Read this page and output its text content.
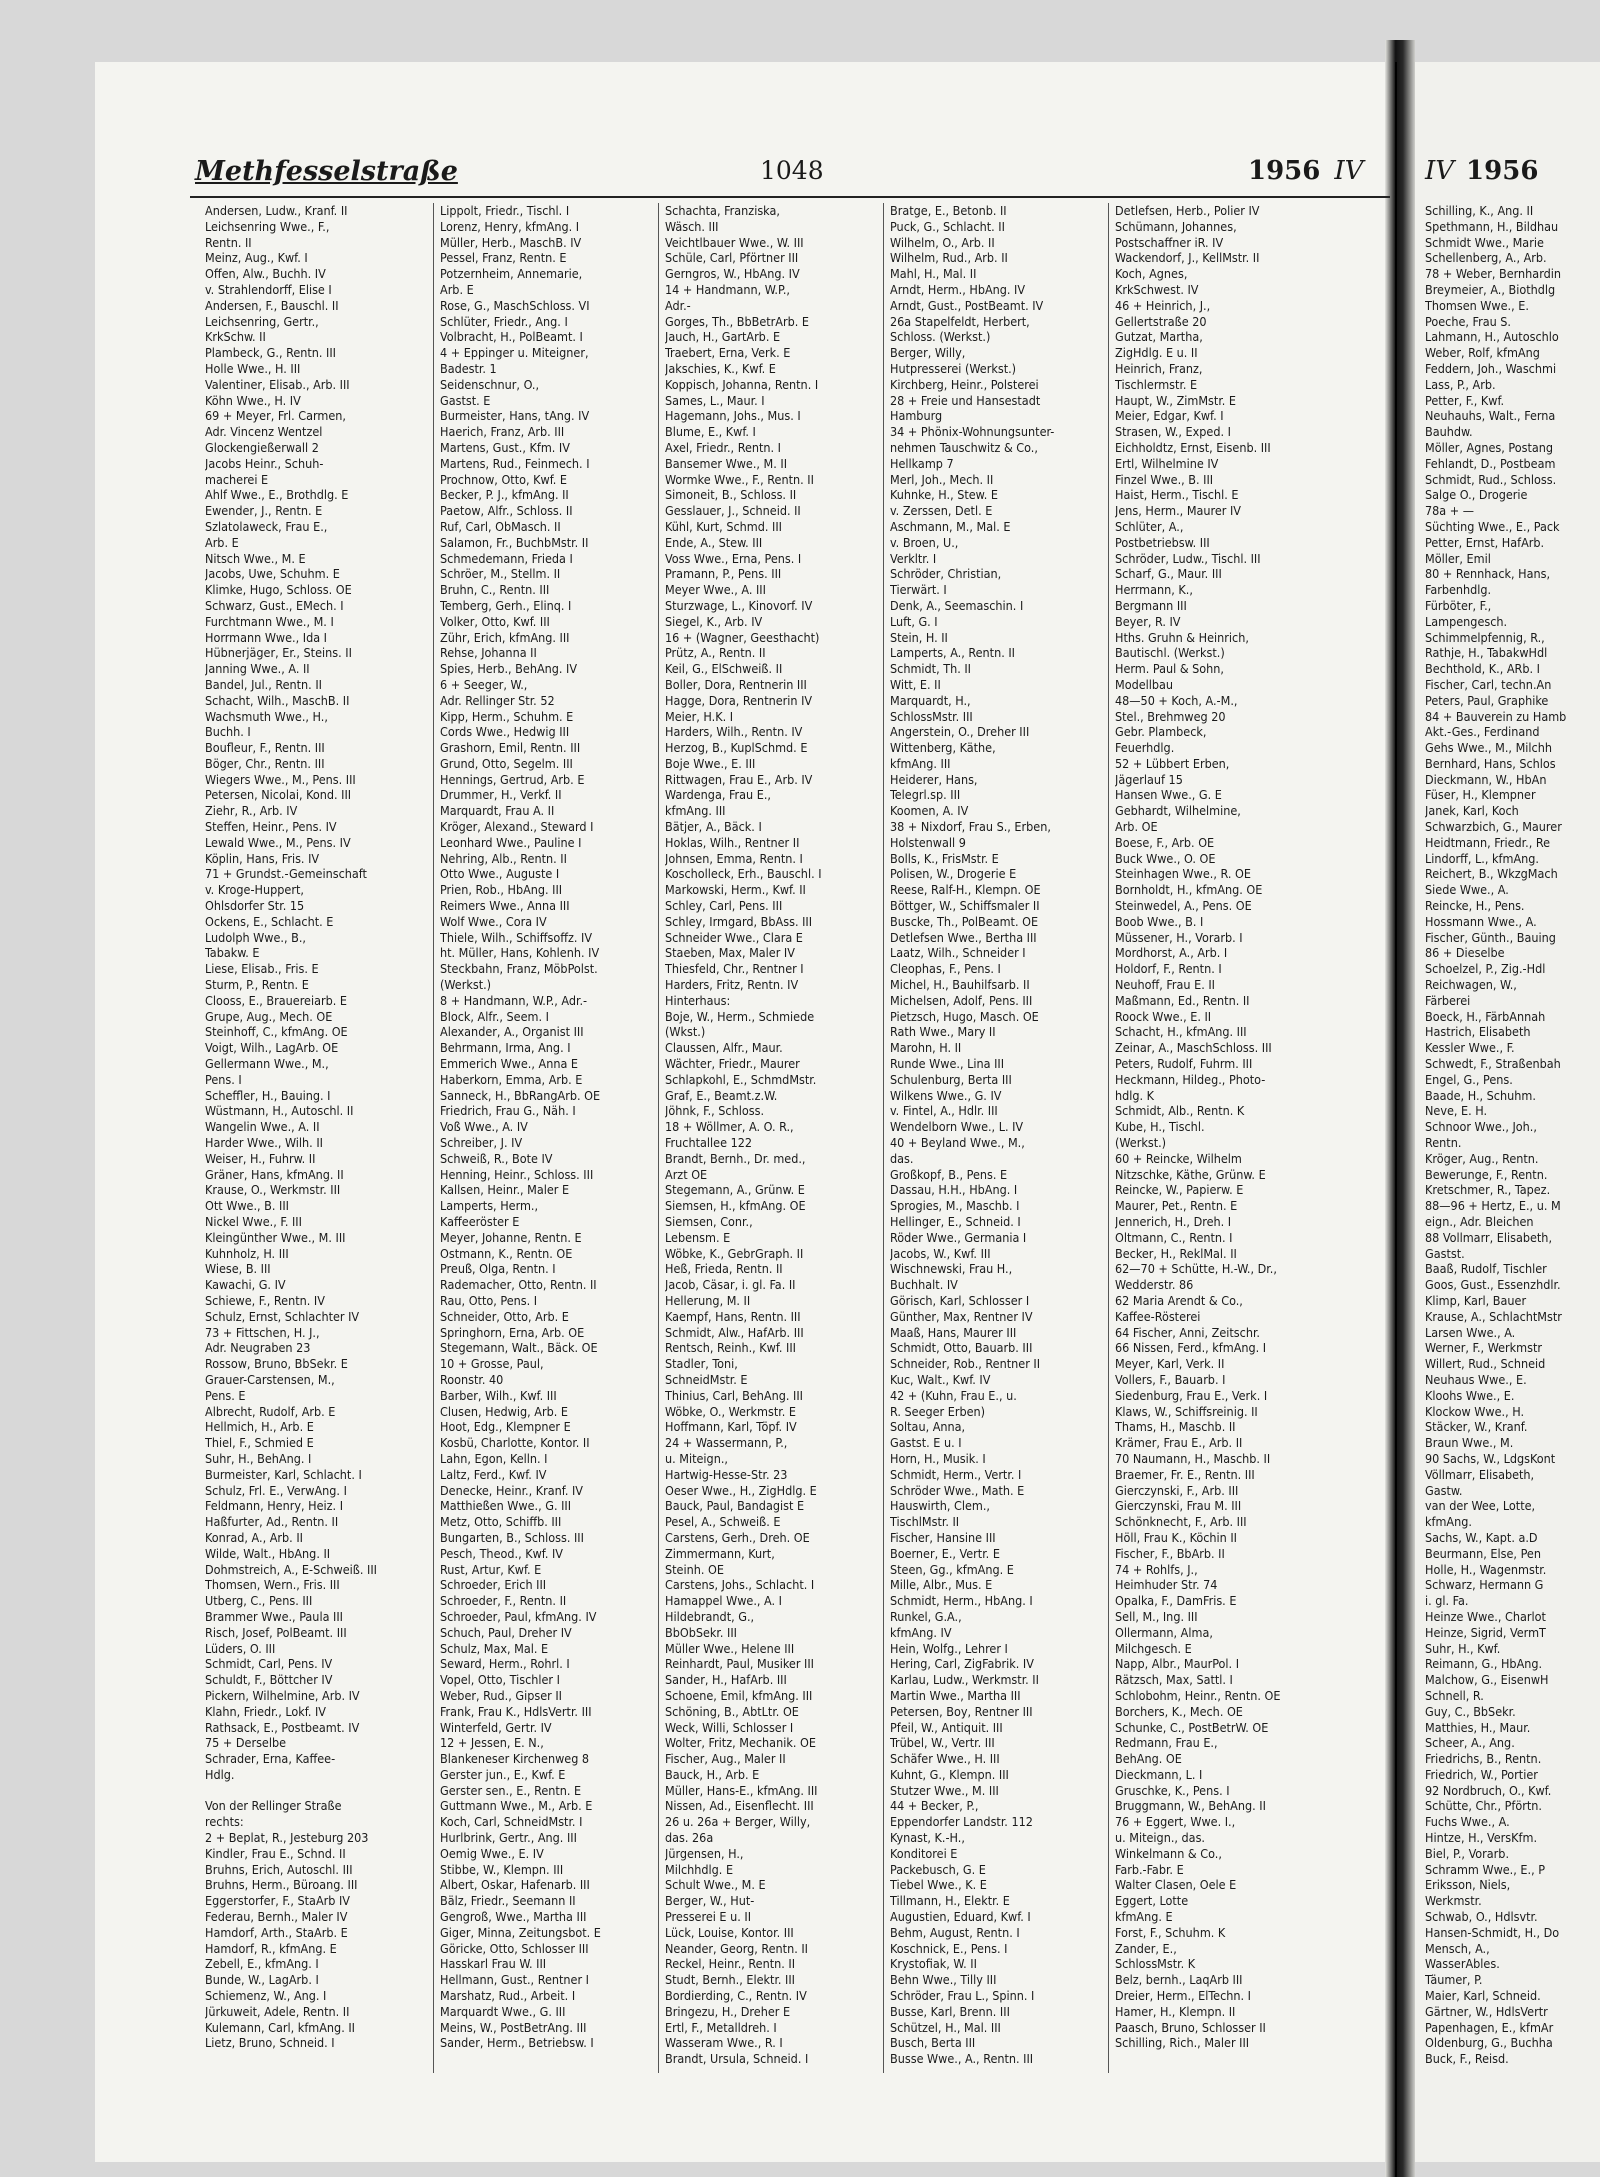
Methfesselstraße	1048	1956 IV IV 1956
Andersen, Ludw., Kranf. II
Leichsenring Wwe., F.,
Rentn. II
Meinz, Aug., Kwf. I
Offen, Alw., Buchh. IV
v. Strahlendorff, Elise I
Andersen, F., Bauschl. II
Leichsenring, Gertr.,
KrkSchw. II
Plambeck, G., Rentn. III
Holle Wwe., H. III
Valentiner, Elisab., Arb. III
Köhn Wwe., H. IV
69 + Meyer, Frl. Carmen,
Adr. Vincenz Wentzel
Glockengießerwall 2
Jacobs Heinr., Schuh-
macherei E
Ahlf Wwe., E., Brothdlg. E
Ewender, J., Rentn. E
Szlatolaweck, Frau E.,
Arb. E
Nitsch Wwe., M. E
Jacobs, Uwe, Schuhm. E
Klimke, Hugo, Schloss. OE
Schwarz, Gust., EMech. I
Furchtmann Wwe., M. I
Horrmann Wwe., Ida I
Hübnerjäger, Er., Steins. II
Janning Wwe., A. II
Bandel, Jul., Rentn. II
Schacht, Wilh., MaschB. II
Wachsmuth Wwe., H.,
Buchh. I
Boufleur, F., Rentn. III
Böger, Chr., Rentn. III
Wiegers Wwe., M., Pens. III
Petersen, Nicolai, Kond. III
Ziehr, R., Arb. IV
Steffen, Heinr., Pens. IV
Lewald Wwe., M., Pens. IV
Köplin, Hans, Fris. IV
71 + Grundst.-Gemeinschaft
v. Kroge-Huppert,
Ohlsdorfer Str. 15
Ockens, E., Schlacht. E
Ludolph Wwe., B.,
Tabakw. E
Liese, Elisab., Fris. E
Sturm, P., Rentn. E
Clooss, E., Brauereiarb. E
Grupe, Aug., Mech. OE
Steinhoff, C., kfmAng. OE
Voigt, Wilh., LagArb. OE
Gellermann Wwe., M.,
Pens. I
Scheffler, H., Bauing. I
Wüstmann, H., Autoschl. II
Wangelin Wwe., A. II
Harder Wwe., Wilh. II
Weiser, H., Fuhrw. II
Gräner, Hans, kfmAng. II
Krause, O., Werkmstr. III
Ott Wwe., B. III
Nickel Wwe., F. III
Kleingünther Wwe., M. III
Kuhnholz, H. III
Wiese, B. III
Kawachi, G. IV
Schiewe, F., Rentn. IV
Schulz, Ernst, Schlachter IV
73 + Fittschen, H. J.,
Adr. Neugraben 23
Rossow, Bruno, BbSekr. E
Grauer-Carstensen, M.,
Pens. E
Albrecht, Rudolf, Arb. E
Hellmich, H., Arb. E
Thiel, F., Schmied E
Suhr, H., BehAng. I
Burmeister, Karl, Schlacht. I
Schulz, Frl. E., VerwAng. I
Feldmann, Henry, Heiz. I
Haßfurter, Ad., Rentn. II
Konrad, A., Arb. II
Wilde, Walt., HbAng. II
Dohmstreich, A., E-Schweiß. III
Thomsen, Wern., Fris. III
Utberg, C., Pens. III
Brammer Wwe., Paula III
Risch, Josef, PolBeamt. III
Lüders, O. III
Schmidt, Carl, Pens. IV
Schuldt, F., Böttcher IV
Pickern, Wilhelmine, Arb. IV
Klahn, Friedr., Lokf. IV
Rathsack, E., Postbeamt. IV
75 + Derselbe
Schrader, Erna, Kaffee-
Hdlg.
Von der Rellinger Straße
rechts:
2 + Beplat, R., Jesteburg 203
Kindler, Frau E., Schnd. II
Bruhns, Erich, Autoschl. III
Bruhns, Herm., Büroang. III
Eggerstorfer, F., StaArb IV
Federau, Bernh., Maler IV
Hamdorf, Arth., StaArb. E
Hamdorf, R., kfmAng. E
Zebell, E., kfmAng. I
Bunde, W., LagArb. I
Schiemenz, W., Ang. I
Jürkuweit, Adele, Rentn. II
Kulemann, Carl, kfmAng. II
Lietz, Bruno, Schneid. I
Lippolt, Friedr., Tischl. I
Lorenz, Henry, kfmAng. I
Müller, Herb., MaschB. IV
Pessel, Franz, Rentn. E
Potzernheim, Annemarie,
Arb. E
Rose, G., MaschSchloss. VI
Schlüter, Friedr., Ang. I
Volbracht, H., PolBeamt. I
4 + Eppinger u. Miteigner,
Badestr. 1
Seidenschnur, O.,
Gastst. E
Burmeister, Hans, tAng. IV
Haerich, Franz, Arb. III
Martens, Gust., Kfm. IV
Martens, Rud., Feinmech. I
Prochnow, Otto, Kwf. E
Becker, P. J., kfmAng. II
Paetow, Alfr., Schloss. II
Ruf, Carl, ObMasch. II
Salamon, Fr., BuchbMstr. II
Schmedemann, Frieda I
Schröer, M., Stellm. II
Bruhn, C., Rentn. III
Temberg, Gerh., Elinq. I
Volker, Otto, Kwf. III
Zühr, Erich, kfmAng. III
Rehse, Johanna II
Spies, Herb., BehAng. IV
6 + Seeger, W.,
Adr. Rellinger Str. 52
Kipp, Herm., Schuhm. E
Cords Wwe., Hedwig III
Grashorn, Emil, Rentn. III
Grund, Otto, Segelm. III
Hennings, Gertrud, Arb. E
Drummer, H., Verkf. II
Marquardt, Frau A. II
Kröger, Alexand., Steward I
Leonhard Wwe., Pauline I
Nehring, Alb., Rentn. II
Otto Wwe., Auguste I
Prien, Rob., HbAng. III
Reimers Wwe., Anna III
Wolf Wwe., Cora IV
Thiele, Wilh., Schiffsoffz. IV
ht. Müller, Hans, Kohlenh. IV
Steckbahn, Franz, MöbPolst.
(Werkst.)
8 + Handmann, W.P., Adr.-
Block, Alfr., Seem. I
Alexander, A., Organist III
Behrmann, Irma, Ang. I
Emmerich Wwe., Anna E
Haberkorn, Emma, Arb. E
Sanneck, H., BbRangArb. OE
Friedrich, Frau G., Näh. I
Voß Wwe., A. IV
Schreiber, J. IV
Schweiß, R., Bote IV
Henning, Heinr., Schloss. III
Kallsen, Heinr., Maler E
Lamperts, Herm.,
Kaffeeröster E
Meyer, Johanne, Rentn. E
Ostmann, K., Rentn. OE
Preuß, Olga, Rentn. I
Rademacher, Otto, Rentn. II
Rau, Otto, Pens. I
Schneider, Otto, Arb. E
Springhorn, Erna, Arb. OE
Stegemann, Walt., Bäck. OE
10 + Grosse, Paul,
Roonstr. 40
Barber, Wilh., Kwf. III
Clusen, Hedwig, Arb. E
Hoot, Edg., Klempner E
Kosbü, Charlotte, Kontor. II
Lahn, Egon, Kelln. I
Laltz, Ferd., Kwf. IV
Denecke, Heinr., Kranf. IV
Matthießen Wwe., G. III
Metz, Otto, Schiffb. III
Bungarten, B., Schloss. III
Pesch, Theod., Kwf. IV
Rust, Artur, Kwf. E
Schroeder, Erich III
Schroeder, F., Rentn. II
Schroeder, Paul, kfmAng. IV
Schuch, Paul, Dreher IV
Schulz, Max, Mal. E
Seward, Herm., Rohrl. I
Vopel, Otto, Tischler I
Weber, Rud., Gipser II
Frank, Frau K., HdlsVertr. III
Winterfeld, Gertr. IV
12 + Jessen, E. N.,
Blankeneser Kirchenweg 8
Gerster jun., E., Kwf. E
Gerster sen., E., Rentn. E
Guttmann Wwe., M., Arb. E
Koch, Carl, SchneidMstr. I
Hurlbrink, Gertr., Ang. III
Oemig Wwe., E. IV
Stibbe, W., Klempn. III
Albert, Oskar, Hafenarb. III
Bälz, Friedr., Seemann II
Gengroß, Wwe., Martha III
Giger, Minna, Zeitungsbot. E
Göricke, Otto, Schlosser III
Hasskarl Frau W. III
Hellmann, Gust., Rentner I
Marshatz, Rud., Arbeit. I
Marquardt Wwe., G. III
Meins, W., PostBetrAng. III
Sander, Herm., Betriebsw. I
Schachta, Franziska,
Wäsch. III
Veichtlbauer Wwe., W. III
Schüle, Carl, Pförtner III
Gerngros, W., HbAng. IV
14 + Handmann, W.P.,
Adr.-
Gorges, Th., BbBetrArb. E
Jauch, H., GartArb. E
Traebert, Erna, Verk. E
Jakschies, K., Kwf. E
Koppisch, Johanna, Rentn. I
Sames, L., Maur. I
Hagemann, Johs., Mus. I
Blume, E., Kwf. I
Axel, Friedr., Rentn. I
Bansemer Wwe., M. II
Wormke Wwe., F., Rentn. II
Simoneit, B., Schloss. II
Gesslauer, J., Schneid. II
Kühl, Kurt, Schmd. III
Ende, A., Stew. III
Voss Wwe., Erna, Pens. I
Pramann, P., Pens. III
Meyer Wwe., A. III
Sturzwage, L., Kinovorf. IV
Siegel, K., Arb. IV
16 + (Wagner, Geesthacht)
Prütz, A., Rentn. II
Keil, G., ElSchweiß. II
Boller, Dora, Rentnerin III
Hagge, Dora, Rentnerin IV
Meier, H.K. I
Harders, Wilh., Rentn. IV
Herzog, B., KuplSchmd. E
Boje Wwe., E. III
Rittwagen, Frau E., Arb. IV
Wardenga, Frau E.,
kfmAng. III
Bätjer, A., Bäck. I
Hoklas, Wilh., Rentner II
Johnsen, Emma, Rentn. I
Koscholleck, Erh., Bauschl. I
Markowski, Herm., Kwf. II
Schley, Carl, Pens. III
Schley, Irmgard, BbAss. III
Schneider Wwe., Clara E
Staeben, Max, Maler IV
Thiesfeld, Chr., Rentner I
Harders, Fritz, Rentn. IV
Hinterhaus:
Boje, W., Herm., Schmiede
(Wkst.)
Claussen, Alfr., Maur.
Wächter, Friedr., Maurer
Schlapkohl, E., SchmdMstr.
Graf, E., Beamt.z.W.
Jöhnk, F., Schloss.
18 + Wöllmer, A. O. R.,
Fruchtallee 122
Brandt, Bernh., Dr. med.,
Arzt OE
Stegemann, A., Grünw. E
Siemsen, H., kfmAng. OE
Siemsen, Conr.,
Lebensm. E
Wöbke, K., GebrGraph. II
Heß, Frieda, Rentn. II
Jacob, Cäsar, i. gl. Fa. II
Hellerung, M. II
Kaempf, Hans, Rentn. III
Schmidt, Alw., HafArb. III
Rentsch, Reinh., Kwf. III
Stadler, Toni,
SchneidMstr. E
Thinius, Carl, BehAng. III
Wöbke, O., Werkmstr. E
Hoffmann, Karl, Töpf. IV
24 + Wassermann, P.,
u. Miteign.,
Hartwig-Hesse-Str. 23
Oeser Wwe., H., ZigHdlg. E
Bauck, Paul, Bandagist E
Pesel, A., Schweiß. E
Carstens, Gerh., Dreh. OE
Zimmermann, Kurt,
Steinh. OE
Carstens, Johs., Schlacht. I
Hamappel Wwe., A. I
Hildebrandt, G.,
BbObSekr. III
Müller Wwe., Helene III
Reinhardt, Paul, Musiker III
Sander, H., HafArb. III
Schoene, Emil, kfmAng. III
Schöning, B., AbtLtr. OE
Weck, Willi, Schlosser I
Wolter, Fritz, Mechanik. OE
Fischer, Aug., Maler II
Bauck, H., Arb. E
Müller, Hans-E., kfmAng. III
Nissen, Ad., Eisenflecht. III
26 u. 26a + Berger, Willy,
das. 26a
Jürgensen, H.,
Milchhdlg. E
Schult Wwe., M. E
Berger, W., Hut-
Presserei E u. II
Lück, Louise, Kontor. III
Neander, Georg, Rentn. II
Reckel, Heinr., Rentn. II
Studt, Bernh., Elektr. III
Bordierding, C., Rentn. IV
Bringezu, H., Dreher E
Ertl, F., Metalldreh. I
Wasseram Wwe., R. I
Brandt, Ursula, Schneid. I
Bratge, E., Betonb. II
Puck, G., Schlacht. II
Wilhelm, O., Arb. II
Wilhelm, Rud., Arb. II
Mahl, H., Mal. II
Arndt, Herm., HbAng. IV
Arndt, Gust., PostBeamt. IV
26a Stapelfeldt, Herbert,
Schloss. (Werkst.)
Berger, Willy,
Hutpresserei (Werkst.)
Kirchberg, Heinr., Polsterei
28 + Freie und Hansestadt
Hamburg
34 + Phönix-Wohnungsunter-
nehmen Tauschwitz & Co.,
Hellkamp 7
Merl, Joh., Mech. II
Kuhnke, H., Stew. E
v. Zerssen, Detl. E
Aschmann, M., Mal. E
v. Broen, U.,
Verkltr. I
Schröder, Christian,
Tierwärt. I
Denk, A., Seemaschin. I
Luft, G. I
Stein, H. II
Lamperts, A., Rentn. II
Schmidt, Th. II
Witt, E. II
Marquardt, H.,
SchlossMstr. III
Angerstein, O., Dreher III
Wittenberg, Käthe,
kfmAng. III
Heiderer, Hans,
Telegrl.sp. III
Koomen, A. IV
38 + Nixdorf, Frau S., Erben,
Holstenwall 9
Bolls, K., FrisMstr. E
Polisen, W., Drogerie E
Reese, Ralf-H., Klempn. OE
Böttger, W., Schiffsmaler II
Buscke, Th., PolBeamt. OE
Detlefsen Wwe., Bertha III
Laatz, Wilh., Schneider I
Cleophas, F., Pens. I
Michel, H., Bauhilfsarb. II
Michelsen, Adolf, Pens. III
Pietzsch, Hugo, Masch. OE
Rath Wwe., Mary II
Marohn, H. II
Runde Wwe., Lina III
Schulenburg, Berta III
Wilkens Wwe., G. IV
v. Fintel, A., Hdlr. III
Wendelborn Wwe., L. IV
40 + Beyland Wwe., M.,
das.
Großkopf, B., Pens. E
Dassau, H.H., HbAng. I
Sprogies, M., Maschb. I
Hellinger, E., Schneid. I
Röder Wwe., Germania I
Jacobs, W., Kwf. III
Wischnewski, Frau H.,
Buchhalt. IV
Görisch, Karl, Schlosser I
Günther, Max, Rentner IV
Maaß, Hans, Maurer III
Schmidt, Otto, Bauarb. III
Schneider, Rob., Rentner II
Kuc, Walt., Kwf. IV
42 + (Kuhn, Frau E., u.
R. Seeger Erben)
Soltau, Anna,
Gastst. E u. I
Horn, H., Musik. I
Schmidt, Herm., Vertr. I
Schröder Wwe., Math. E
Hauswirth, Clem.,
TischlMstr. II
Fischer, Hansine III
Boerner, E., Vertr. E
Steen, Gg., kfmAng. E
Mille, Albr., Mus. E
Schmidt, Herm., HbAng. I
Runkel, G.A.,
kfmAng. IV
Hein, Wolfg., Lehrer I
Hering, Carl, ZigFabrik. IV
Karlau, Ludw., Werkmstr. II
Martin Wwe., Martha III
Petersen, Boy, Rentner III
Pfeil, W., Antiquit. III
Trübel, W., Vertr. III
Schäfer Wwe., H. III
Kuhnt, G., Klempn. III
Stutzer Wwe., M. III
44 + Becker, P.,
Eppendorfer Landstr. 112
Kynast, K.-H.,
Konditorei E
Packebusch, G. E
Tiebel Wwe., K. E
Tillmann, H., Elektr. E
Augustien, Eduard, Kwf. I
Behm, August, Rentn. I
Koschnick, E., Pens. I
Krystofiak, W. II
Behn Wwe., Tilly III
Schröder, Frau L., Spinn. I
Busse, Karl, Brenn. III
Schützel, H., Mal. III
Busch, Berta III
Busse Wwe., A., Rentn. III
Detlefsen, Herb., Polier IV
Schümann, Johannes,
Postschaffner iR. IV
Wackendorf, J., KellMstr. II
Koch, Agnes,
KrkSchwest. IV
46 + Heinrich, J.,
Gellertstraße 20
Gutzat, Martha,
ZigHdlg. E u. II
Heinrich, Franz,
Tischlermstr. E
Haupt, W., ZimMstr. E
Meier, Edgar, Kwf. I
Strasen, W., Exped. I
Eichholdtz, Ernst, Eisenb. III
Ertl, Wilhelmine IV
Finzel Wwe., B. III
Haist, Herm., Tischl. E
Jens, Herm., Maurer IV
Schlüter, A.,
Postbetriebsw. III
Schröder, Ludw., Tischl. III
Scharf, G., Maur. III
Herrmann, K.,
Bergmann III
Beyer, R. IV
Hths. Gruhn & Heinrich,
Bautischl. (Werkst.)
Herm. Paul & Sohn,
Modellbau
48—50 + Koch, A.-M.,
Stel., Brehmweg 20
Gebr. Plambeck,
Feuerhdlg.
52 + Lübbert Erben,
Jägerlauf 15
Hansen Wwe., G. E
Gebhardt, Wilhelmine,
Arb. OE
Boese, F., Arb. OE
Buck Wwe., O. OE
Steinhagen Wwe., R. OE
Bornholdt, H., kfmAng. OE
Steinwedel, A., Pens. OE
Boob Wwe., B. I
Müssener, H., Vorarb. I
Mordhorst, A., Arb. I
Holdorf, F., Rentn. I
Neuhoff, Frau E. II
Maßmann, Ed., Rentn. II
Roock Wwe., E. II
Schacht, H., kfmAng. III
Zeinar, A., MaschSchloss. III
Peters, Rudolf, Fuhrm. III
Heckmann, Hildeg., Photo-
hdlg. K
Schmidt, Alb., Rentn. K
Kube, H., Tischl.
(Werkst.)
60 + Reincke, Wilhelm
Nitzschke, Käthe, Grünw. E
Reincke, W., Papierw. E
Maurer, Pet., Rentn. E
Jennerich, H., Dreh. I
Oltmann, C., Rentn. I
Becker, H., ReklMal. II
62—70 + Schütte, H.-W., Dr.,
Wedderstr. 86
62 Maria Arendt & Co.,
Kaffee-Rösterei
64 Fischer, Anni, Zeitschr.
66 Nissen, Ferd., kfmAng. I
Meyer, Karl, Verk. II
Vollers, F., Bauarb. I
Siedenburg, Frau E., Verk. I
Klaws, W., Schiffsreinig. II
Thams, H., Maschb. II
Krämer, Frau E., Arb. II
70 Naumann, H., Maschb. II
Braemer, Fr. E., Rentn. III
Gierczynski, F., Arb. III
Gierczynski, Frau M. III
Schönknecht, F., Arb. III
Höll, Frau K., Köchin II
Fischer, F., BbArb. II
74 + Rohlfs, J.,
Heimhuder Str. 74
Opalka, F., DamFris. E
Sell, M., Ing. III
Ollermann, Alma,
Milchgesch. E
Napp, Albr., MaurPol. I
Rätzsch, Max, Sattl. I
Schlobohm, Heinr., Rentn. OE
Borchers, K., Mech. OE
Schunke, C., PostBetrW. OE
Redmann, Frau E.,
BehAng. OE
Dieckmann, L. I
Gruschke, K., Pens. I
Bruggmann, W., BehAng. II
76 + Eggert, Wwe. I.,
u. Miteign., das.
Winkelmann & Co.,
Farb.-Fabr. E
Walter Clasen, Oele E
Eggert, Lotte
kfmAng. E
Forst, F., Schuhm. K
Zander, E.,
SchlossMstr. K
Belz, bernh., LaqArb III
Dreier, Herm., ElTechn. I
Hamer, H., Klempn. II
Paasch, Bruno, Schlosser II
Schilling, Rich., Maler III
Schilling, K., Ang. II
Spethmann, H., Bildhau
Schmidt Wwe., Marie
Schellenberg, A., Arb.
78 + Weber, Bernhardin
Breymeier, A., Biothdlg
Thomsen Wwe., E.
Poeche, Frau S.
Lahmann, H., Autoschlo
Weber, Rolf, kfmAng
Feddern, Joh., Waschmi
Lass, P., Arb.
Petter, F., Kwf.
Neuhauhs, Walt., Ferna
Bauhdw.
Möller, Agnes, Postang
Fehlandt, D., Postbeam
Schmidt, Rud., Schloss.
Salge O., Drogerie
78a + —
Süchting Wwe., E., Pack
Petter, Ernst, HafArb.
Möller, Emil
80 + Rennhack, Hans,
Farbenhdlg.
Fürböter, F.,
Lampengesch.
Schimmelpfennig, R.,
Rathje, H., TabakwHdl
Bechthold, K., ARb. I
Fischer, Carl, techn.An
Peters, Paul, Graphike
84 + Bauverein zu Hamb
Akt.-Ges., Ferdinand
Gehs Wwe., M., Milchh
Bernhard, Hans, Schlos
Dieckmann, W., HbAn
Füser, H., Klempner
Janek, Karl, Koch
Schwarzbich, G., Maurer
Heidtmann, Friedr., Re
Lindorff, L., kfmAng.
Reichert, B., WkzgMach
Siede Wwe., A.
Reincke, H., Pens.
Hossmann Wwe., A.
Fischer, Günth., Bauing
86 + Dieselbe
Schoelzel, P., Zig.-Hdl
Reichwagen, W.,
Färberei
Boeck, H., FärbAnnah
Hastrich, Elisabeth
Kessler Wwe., F.
Schwedt, F., Straßenbah
Engel, G., Pens.
Baade, H., Schuhm.
Neve, E. H.
Schnoor Wwe., Joh.,
Rentn.
Kröger, Aug., Rentn.
Bewerunge, F., Rentn.
Kretschmer, R., Tapez.
88—96 + Hertz, E., u. M
eign., Adr. Bleichen
88 Vollmarr, Elisabeth,
Gastst.
Baaß, Rudolf, Tischler
Goos, Gust., Essenzhdlr.
Klimp, Karl, Bauer
Krause, A., SchlachtMstr
Larsen Wwe., A.
Werner, F., Werkmstr
Willert, Rud., Schneid
Neuhaus Wwe., E.
Kloohs Wwe., E.
Klockow Wwe., H.
Stäcker, W., Kranf.
Braun Wwe., M.
90 Sachs, W., LdgsKont
Völlmarr, Elisabeth,
Gastw.
van der Wee, Lotte,
kfmAng.
Sachs, W., Kapt. a.D
Beurmann, Else, Pen
Holle, H., Wagenmstr.
Schwarz, Hermann G
i. gl. Fa.
Heinze Wwe., Charlot
Heinze, Sigrid, VermT
Suhr, H., Kwf.
Reimann, G., HbAng.
Malchow, G., EisenwH
Schnell, R.
Guy, C., BbSekr.
Matthies, H., Maur.
Scheer, A., Ang.
Friedrichs, B., Rentn.
Friedrich, W., Portier
92 Nordbruch, O., Kwf.
Schütte, Chr., Pförtn.
Fuchs Wwe., A.
Hintze, H., VersKfm.
Biel, P., Vorarb.
Schramm Wwe., E., P
Eriksson, Niels,
Werkmstr.
Schwab, O., Hdlsvtr.
Hansen-Schmidt, H., Do
Mensch, A.,
WasserAbles.
Täumer, P.
Maier, Karl, Schneid.
Gärtner, W., HdlsVertr
Papenhagen, E., kfmAr
Oldenburg, G., Buchha
Buck, F., Reisd.
